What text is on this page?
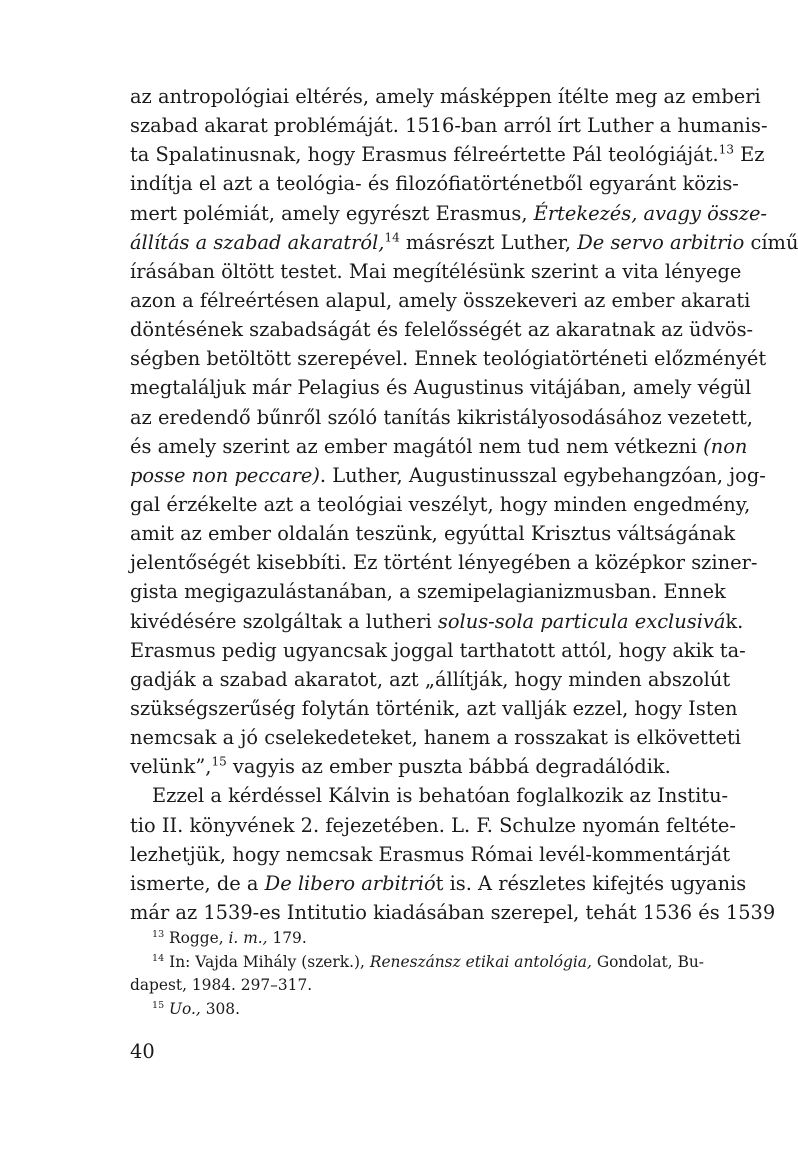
az antropológiai eltérés, amely másképpen ítélte meg az emberi
szabad akarat problémáját. 1516-ban arról írt Luther a humanis-
ta Spalatinusnak, hogy Erasmus félreértette Pál teológiáját.$^{13}$ Ez
indítja el azt a teológia- és filozófiatörténetből egyaránt közis-
mert polémiát, amely egyrészt Erasmus, Értekezés, avagy össze-
állítás a szabad akaratról,$^{14}$ másrészt Luther, De servo arbitrio című
írásában öltött testet. Mai megítélésünk szerint a vita lényege
azon a félreértésen alapul, amely összekeveri az ember akarati
döntésének szabadságát és felelősségét az akaratnak az üdvös-
ségben betöltött szerepével. Ennek teológiatörténeti előzményét
megtaláljuk már Pelagius és Augustinus vitájában, amely végül
az eredendő bűnről szóló tanítás kikristályosodásához vezetett,
és amely szerint az ember magától nem tud nem vétkezni (non
posse non peccare). Luther, Augustinusszal egybehangzóan, jog-
gal érzékelte azt a teológiai veszélyt, hogy minden engedmény,
amit az ember oldalán teszünk, egyúttal Krisztus váltságának
jelentőségét kisebbíti. Ez történt lényegében a középkor sziner-
gista megigazulástanában, a szemipelagianizmusban. Ennek
kivédésére szolgáltak a lutheri solus-sola particula exclusivák.
Erasmus pedig ugyancsak joggal tarthatott attól, hogy akik ta-
gadják a szabad akaratot, azt „állítják, hogy minden abszolút
szükségszerűség folytán történik, azt vallják ezzel, hogy Isten
nemcsak a jó cselekedeteket, hanem a rosszakat is elkövetteti
velünk”,$^{15}$ vagyis az ember puszta bábbá degradálódik.
Ezzel a kérdéssel Kálvin is behatóan foglalkozik az Institu-
tio II. könyvének 2. fejezetében. L. F. Schulze nyomán feltéte-
lezhetjük, hogy nemcsak Erasmus Római levél-kommentárját
ismerte, de a De libero arbitriót is. A részletes kifejtés ugyanis
már az 1539-es Intitutio kiadásában szerepel, tehát 1536 és 1539
$^{13}$ Rogge, i. m., 179.
$^{14}$ In: Vajda Mihály (szerk.), Reneszánsz etikai antológia, Gondolat, Bu-
dapest, 1984. 297–317.
$^{15}$ Uo., 308.
40
